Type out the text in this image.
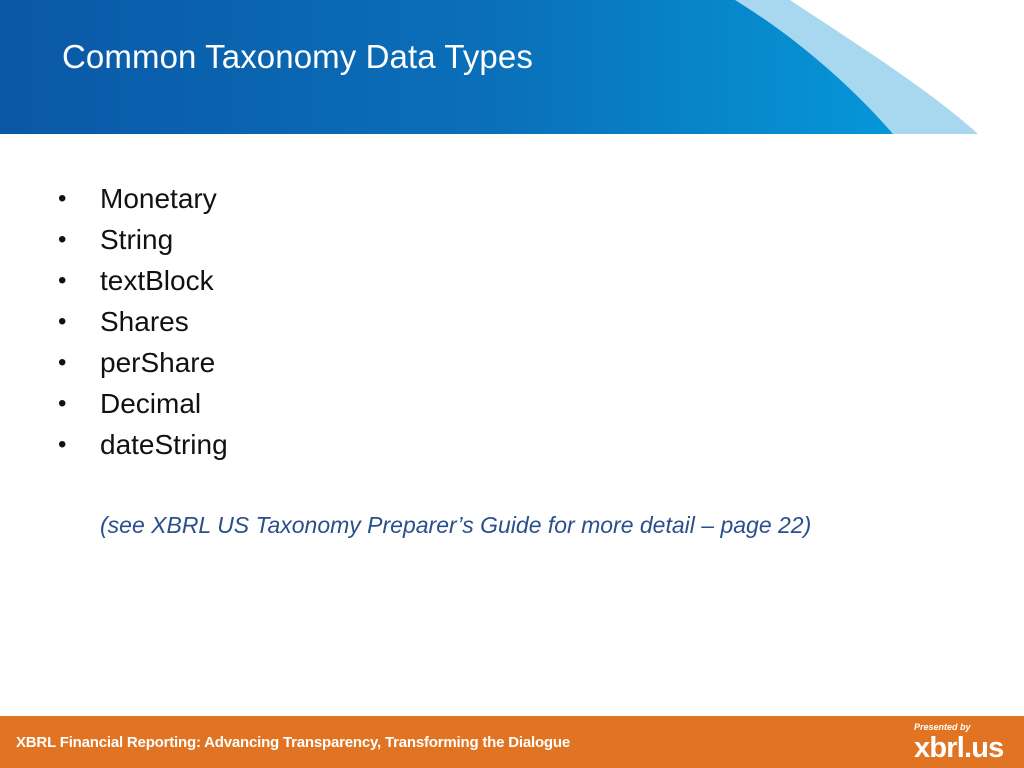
Common Taxonomy Data Types
• Monetary
• String
• textBlock
• Shares
• perShare
• Decimal
• dateString

(see XBRL US Taxonomy Preparer’s Guide for more detail – page 22)

XBRL Financial Reporting: Advancing Transparency, Transforming the Dialogue
Presented by
xbrl.us
